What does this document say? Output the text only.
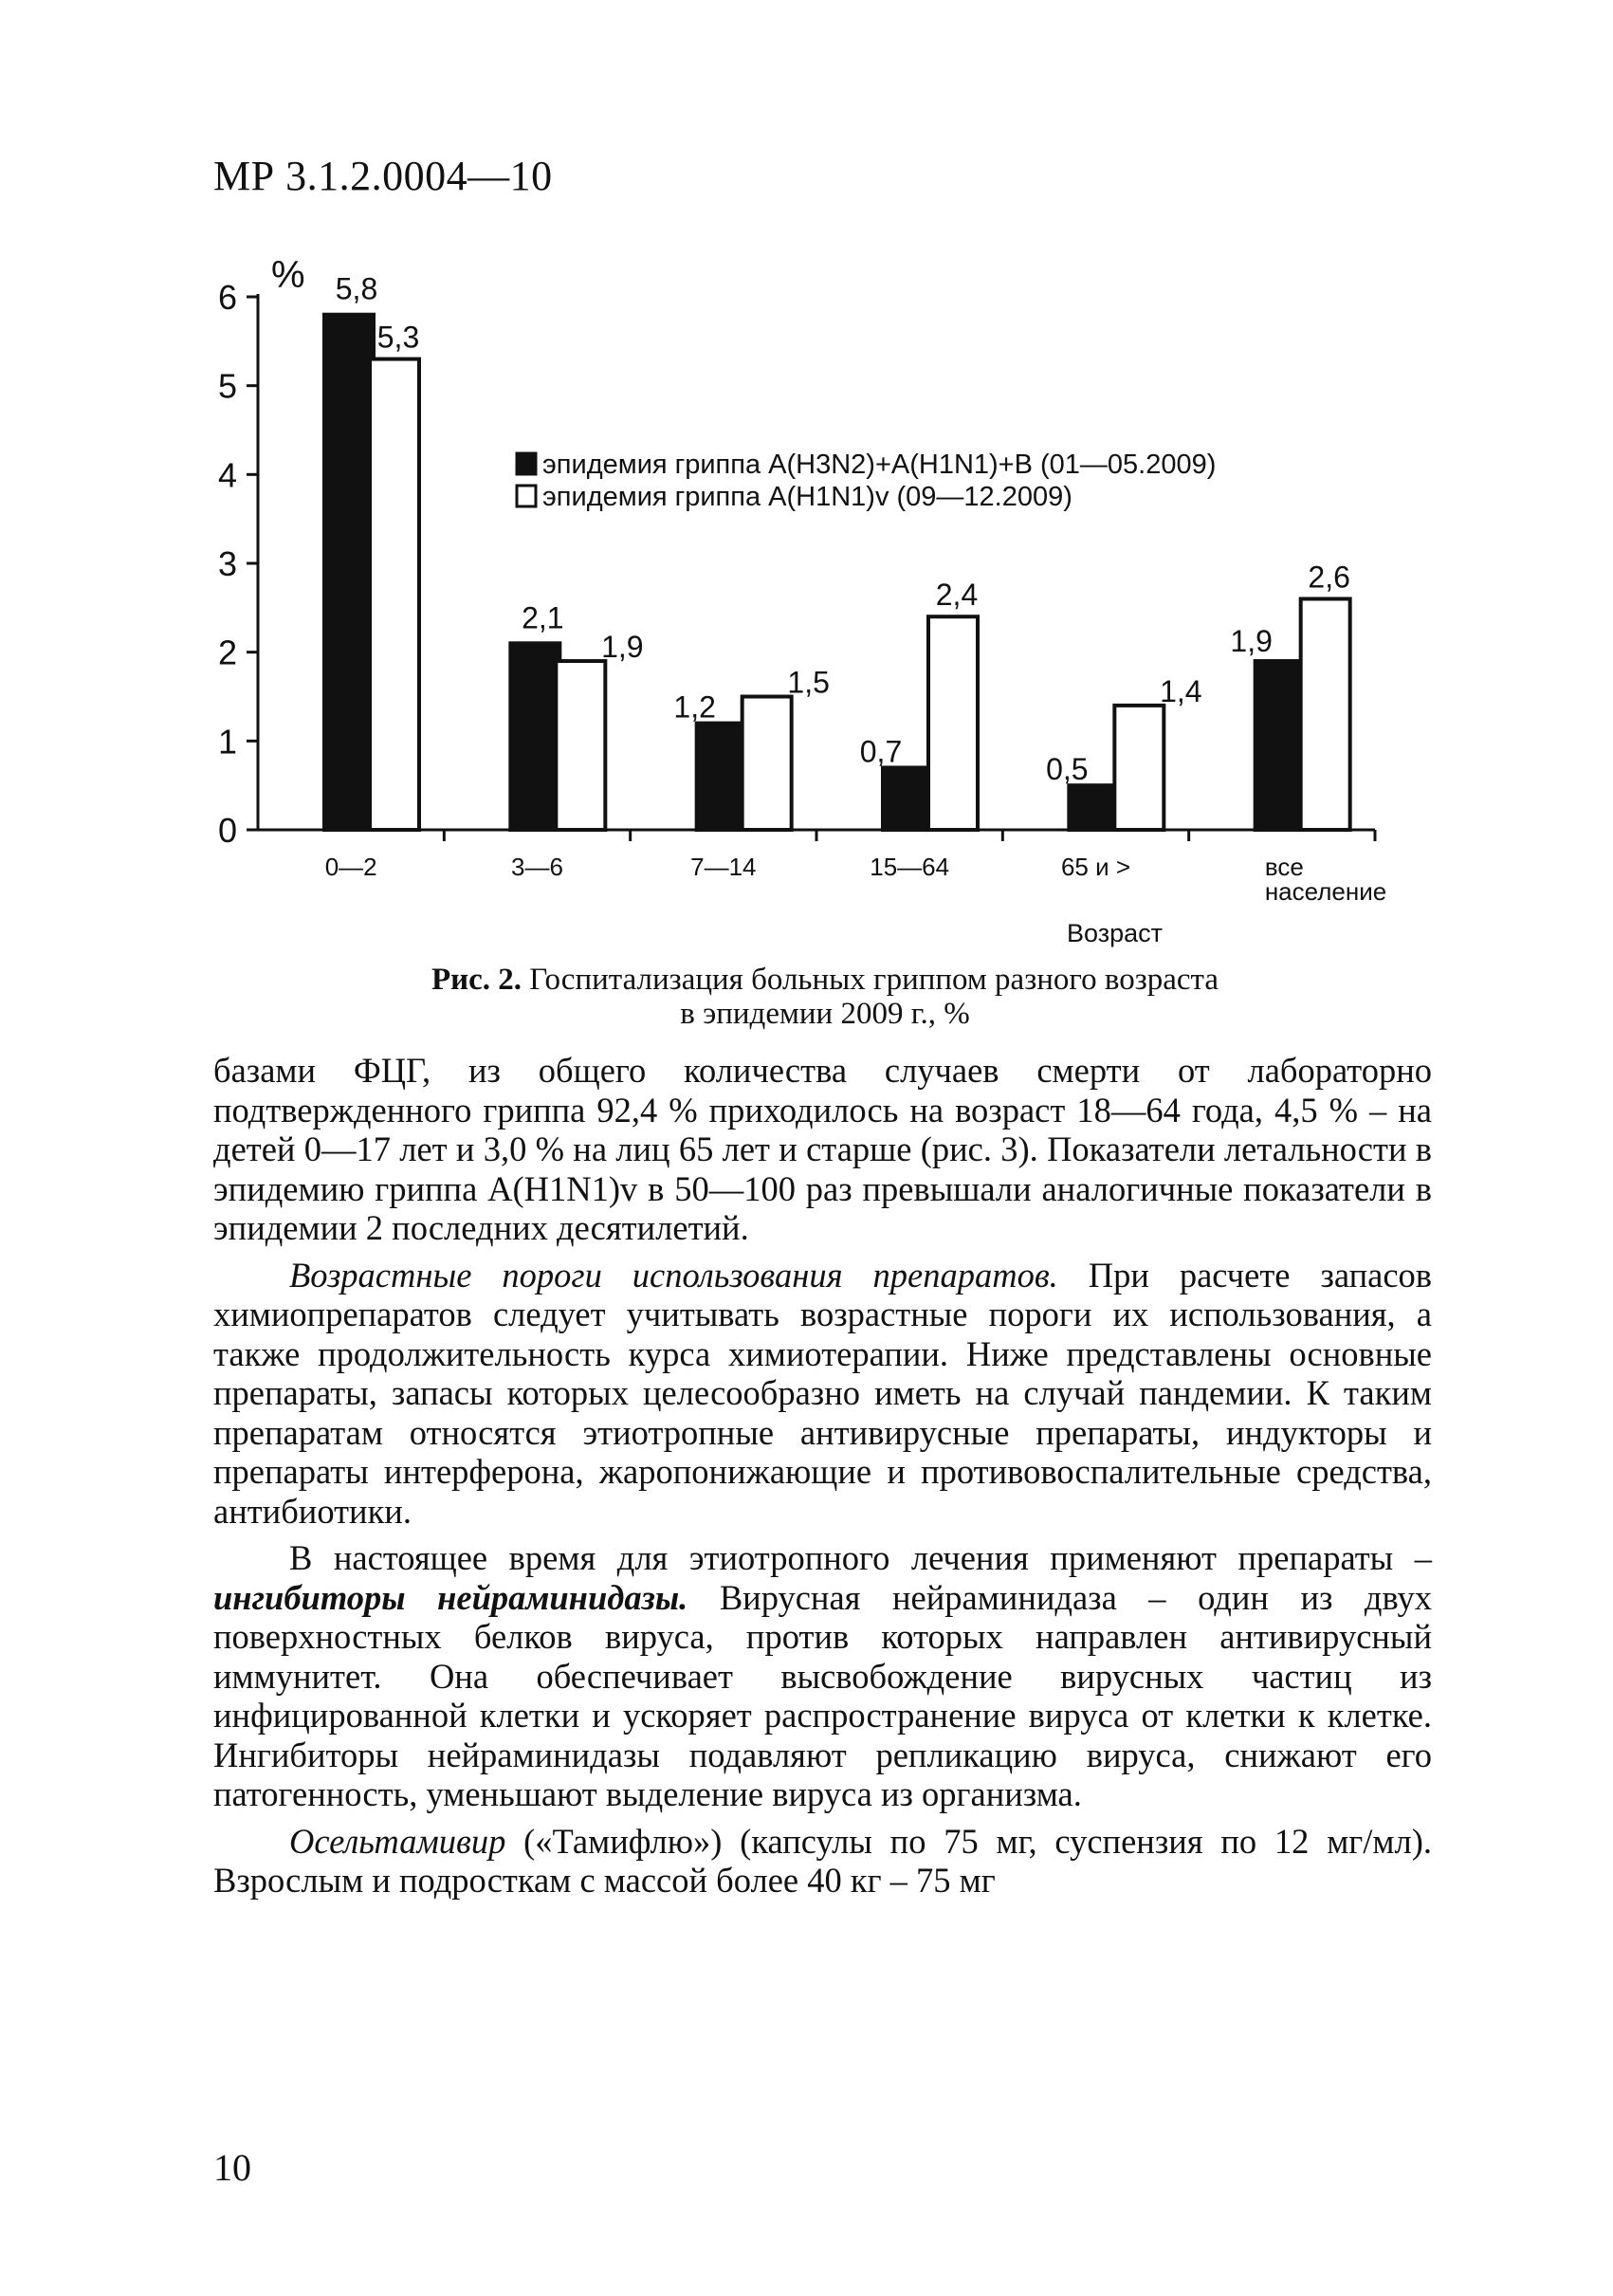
МР 3.1.2.0004—10
0
1
2
3
4
5
6
%
0—2	3—6	7—14	15—64	65 и >	все население
Возраст
5,8
5,3
2,1
1,9
1,2
1,5
0,7
2,4
0,5
1,4
1,9
2,6
эпидемия гриппа A(H3N2)+A(H1N1)+B (01—05.2009)
эпидемия гриппа A(H1N1)v (09—12.2009)
Рис. 2. Госпитализация больных гриппом разного возраста
в эпидемии 2009 г., %

базами ФЦГ, из общего количества случаев смерти от лабораторно подтвержденного гриппа 92,4 % приходилось на возраст 18—64 года, 4,5 % – на детей 0—17 лет и 3,0 % на лиц 65 лет и старше (рис. 3). Показатели летальности в эпидемию гриппа A(H1N1)v в 50—100 раз превышали аналогичные показатели в эпидемии 2 последних десятилетий.

Возрастные пороги использования препаратов. При расчете запасов химиопрепаратов следует учитывать возрастные пороги их использования, а также продолжительность курса химиотерапии. Ниже представлены основные препараты, запасы которых целесообразно иметь на случай пандемии. К таким препаратам относятся этиотропные антивирусные препараты, индукторы и препараты интерферона, жаропонижающие и противовоспалительные средства, антибиотики.

В настоящее время для этиотропного лечения применяют препараты – ингибиторы нейраминидазы. Вирусная нейраминидаза – один из двух поверхностных белков вируса, против которых направлен антивирусный иммунитет. Она обеспечивает высвобождение вирусных частиц из инфицированной клетки и ускоряет распространение вируса от клетки к клетке. Ингибиторы нейраминидазы подавляют репликацию вируса, снижают его патогенность, уменьшают выделение вируса из организма.

Осельтамивир («Тамифлю») (капсулы по 75 мг, суспензия по 12 мг/мл). Взрослым и подросткам с массой более 40 кг – 75 мг

10
